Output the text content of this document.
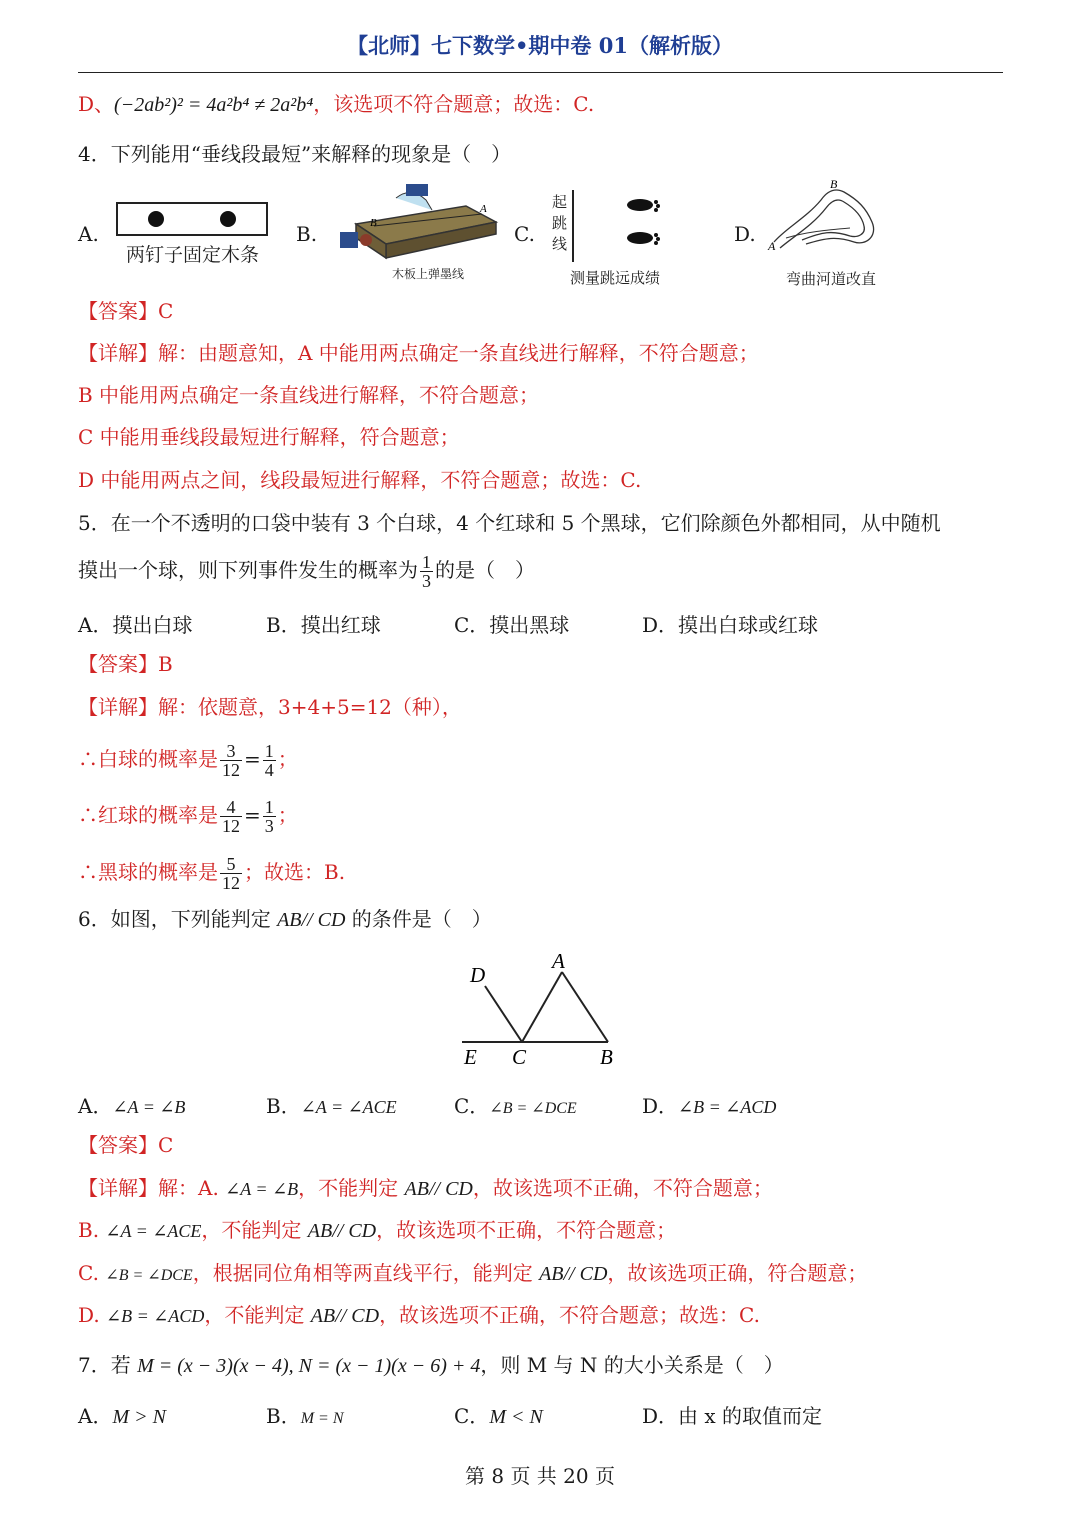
【北师】七下数学•期中卷 01（解析版）
D、(−2ab²)² = 4a²b⁴ ≠ 2a²b⁴，该选项不符合题意；故选：C.
4．下列能用“垂线段最短”来解释的现象是（　）
A.
两钉子固定木条
B.	B
A
木板上弹墨线
C.
起跳线
测量跳远成绩
D. A
B
弯曲河道改直
【答案】C
【详解】解：由题意知，A 中能用两点确定一条直线进行解释，不符合题意；
B 中能用两点确定一条直线进行解释，不符合题意；
C 中能用垂线段最短进行解释，符合题意；
D 中能用两点之间，线段最短进行解释，不符合题意；故选：C.
5．在一个不透明的口袋中装有 3 个白球，4 个红球和 5 个黑球，它们除颜色外都相同，从中随机
摸出一个球，则下列事件发生的概率为 $\frac{1}{3}$ 的是（　）
A．摸出白球	B．摸出红球	C．摸出黑球	D．摸出白球或红球
【答案】B
【详解】解：依题意，3+4+5=12（种），
∴白球的概率是 $\frac{3}{12} = \frac{1}{4}$ ；
∴红球的概率是 $\frac{4}{12} = \frac{1}{3}$ ；
∴黑球的概率是 $\frac{5}{12}$ ；故选：B.
6．如图，下列能判定 AB// CD 的条件是（　）
D
A
E C	B
A．∠A = ∠B	B．∠A = ∠ACE	C．∠B = ∠DCE	D．∠B = ∠ACD
【答案】C
【详解】解：A. ∠A = ∠B，不能判定 AB// CD，故该选项不正确，不符合题意；
B. ∠A = ∠ACE，不能判定 AB// CD，故该选项不正确，不符合题意；
C. ∠B = ∠DCE，根据同位角相等两直线平行，能判定 AB// CD，故该选项正确，符合题意；
D. ∠B = ∠ACD，不能判定 AB// CD，故该选项不正确，不符合题意；故选：C.
7．若 M = (x − 3)(x − 4), N = (x − 1)(x − 6) + 4，则 M 与 N 的大小关系是（　）
A．M > N	B．M = N	C．M < N	D．由 x 的取值而定
第 8 页 共 20 页
